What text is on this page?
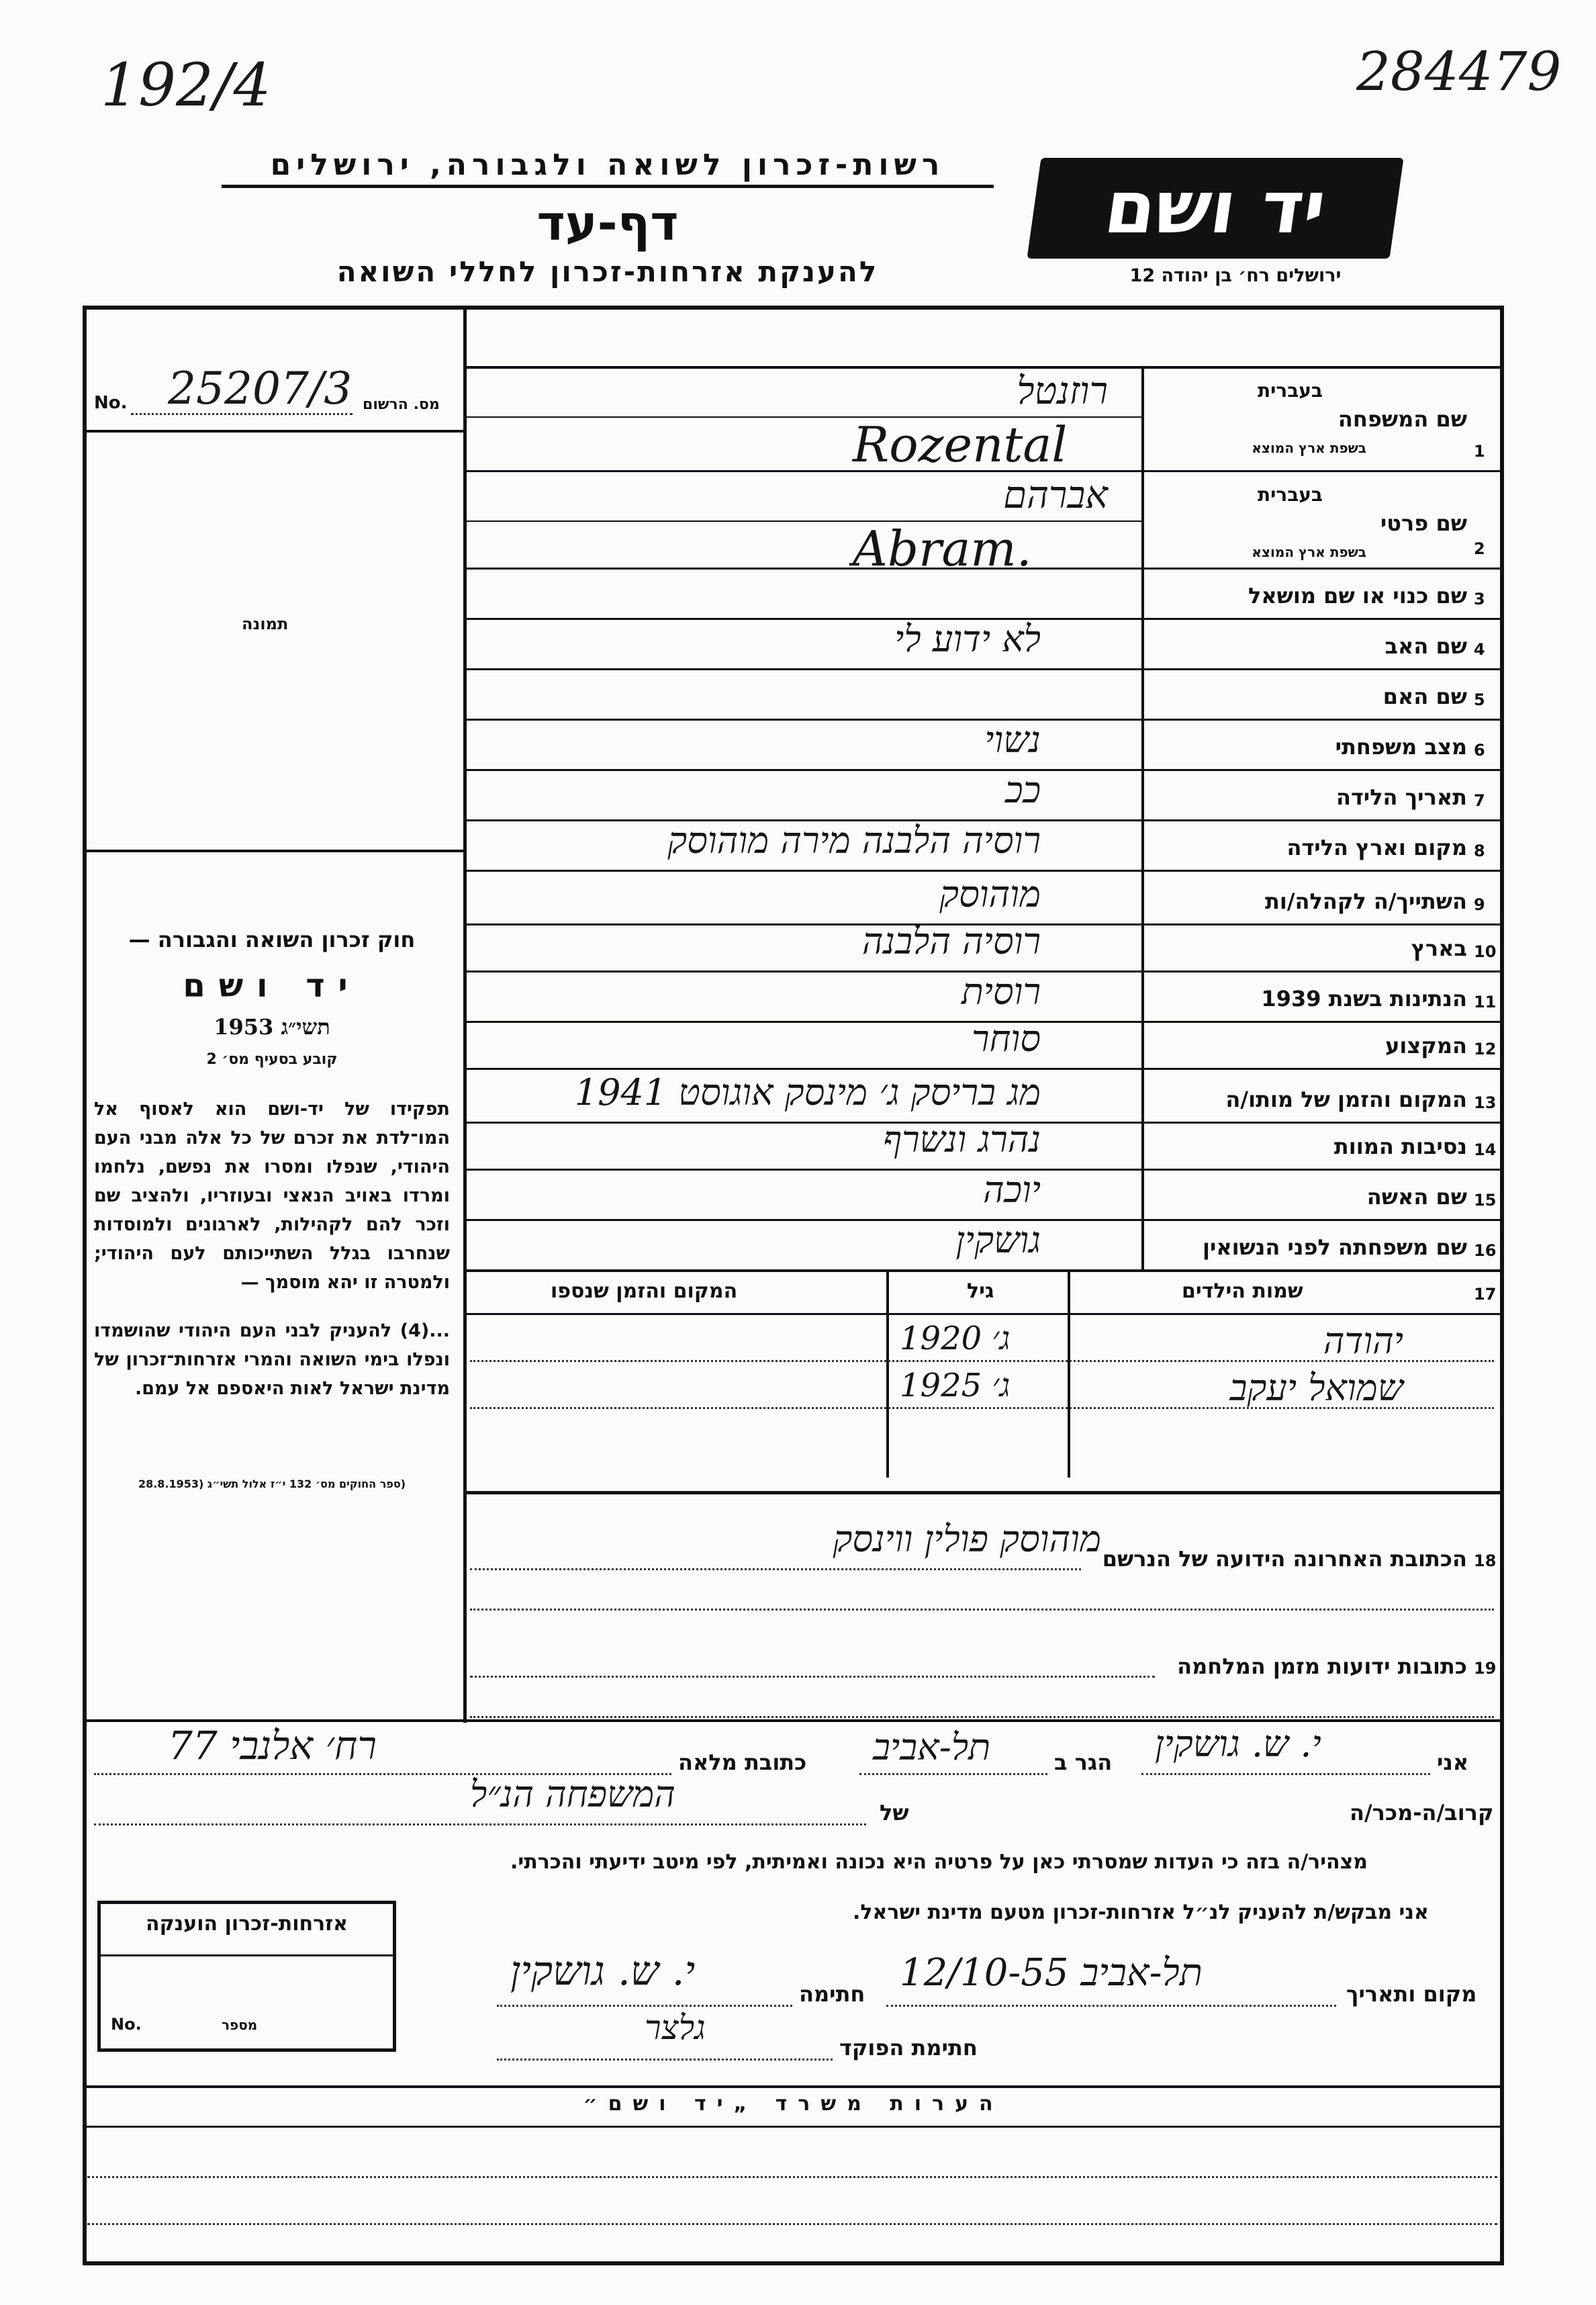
192/4	284479
רשות-זכרון לשואה ולגבורה, ירושלים
דף-עד
להענקת אזרחות-זכרון לחללי השואה
יד ושם
ירושלים רח׳ בן יהודה 12
No. 25207/3 מס. הרשום
תמונה
חוק זכרון השואה והגבורה —
יד ושם
תשי״ג 1953
קובע בסעיף מס׳ 2
תפקידו של יד-ושם הוא לאסוף אל המו־לדת את זכרם של כל אלה מבני העם היהודי, שנפלו ומסרו את נפשם, נלחמו ומרדו באויב הנאצי ובעוזריו, ולהציב שם וזכר להם לקהילות, לארגונים ולמוסדות שנחרבו בגלל השתייכותם לעם היהודי; ולמטרה זו יהא מוסמך —
...(4) להעניק לבני העם היהודי שהושמדו ונפלו בימי השואה והמרי אזרחות־זכרון של מדינת ישראל לאות היאספם אל עמם.
(ספר החוקים מס׳ 132 י״ז אלול תשי״ג (28.8.1953
1
שם המשפחה
בעברית
בשפת ארץ המוצא
רוזנטל
Rozental
2
שם פרטי
בעברית
בשפת ארץ המוצא
אברהם
Abram.
3
שם כנוי או שם מושאל
4
שם האב
לא ידוע לי
5
שם האם
6
מצב משפחתי
נשוי
7
תאריך הלידה
ככ
8
מקום וארץ הלידה
רוסיה הלבנה מירה מוהוסק
9
השתייך/ה לקהלה/ות
מוהוסק
10
בארץ
רוסיה הלבנה
11
הנתינות בשנת 1939
רוסית
12
המקצוע
סוחר
13
המקום והזמן של מותו/ה
מג בריסק ג׳ מינסק אוגוסט 1941
14
נסיבות המוות
נהרג ונשרף
15
שם האשה
יוכה
16
שם משפחתה לפני הנשואין
גושקין
17
שמות הילדים
גיל
המקום והזמן שנספו
יהודה
1920 ג׳
שמואל יעקב
1925 ג׳
18
הכתובת האחרונה הידועה של הנרשם
מוהוסק פולין ווינסק
19
כתובות ידועות מזמן המלחמה
אני
י. ש. גושקין
הגר ב
תל-אביב
כתובת מלאה
רח׳ אלנבי 77
קרוב/ה-מכר/ה
של
המשפחה הנ״ל
מצהיר/ה בזה כי העדות שמסרתי כאן על פרטיה היא נכונה ואמיתית, לפי מיטב ידיעתי והכרתי.
אני מבקש/ת להעניק לנ״ל אזרחות-זכרון מטעם מדינת ישראל.
מקום ותאריך
תל-אביב 12/10-55
חתימה
י. ש. גושקין
חתימת הפוקד
גלצר
אזרחות-זכרון הוענקה
No.	מספר
הערות משרד „יד ושם״
